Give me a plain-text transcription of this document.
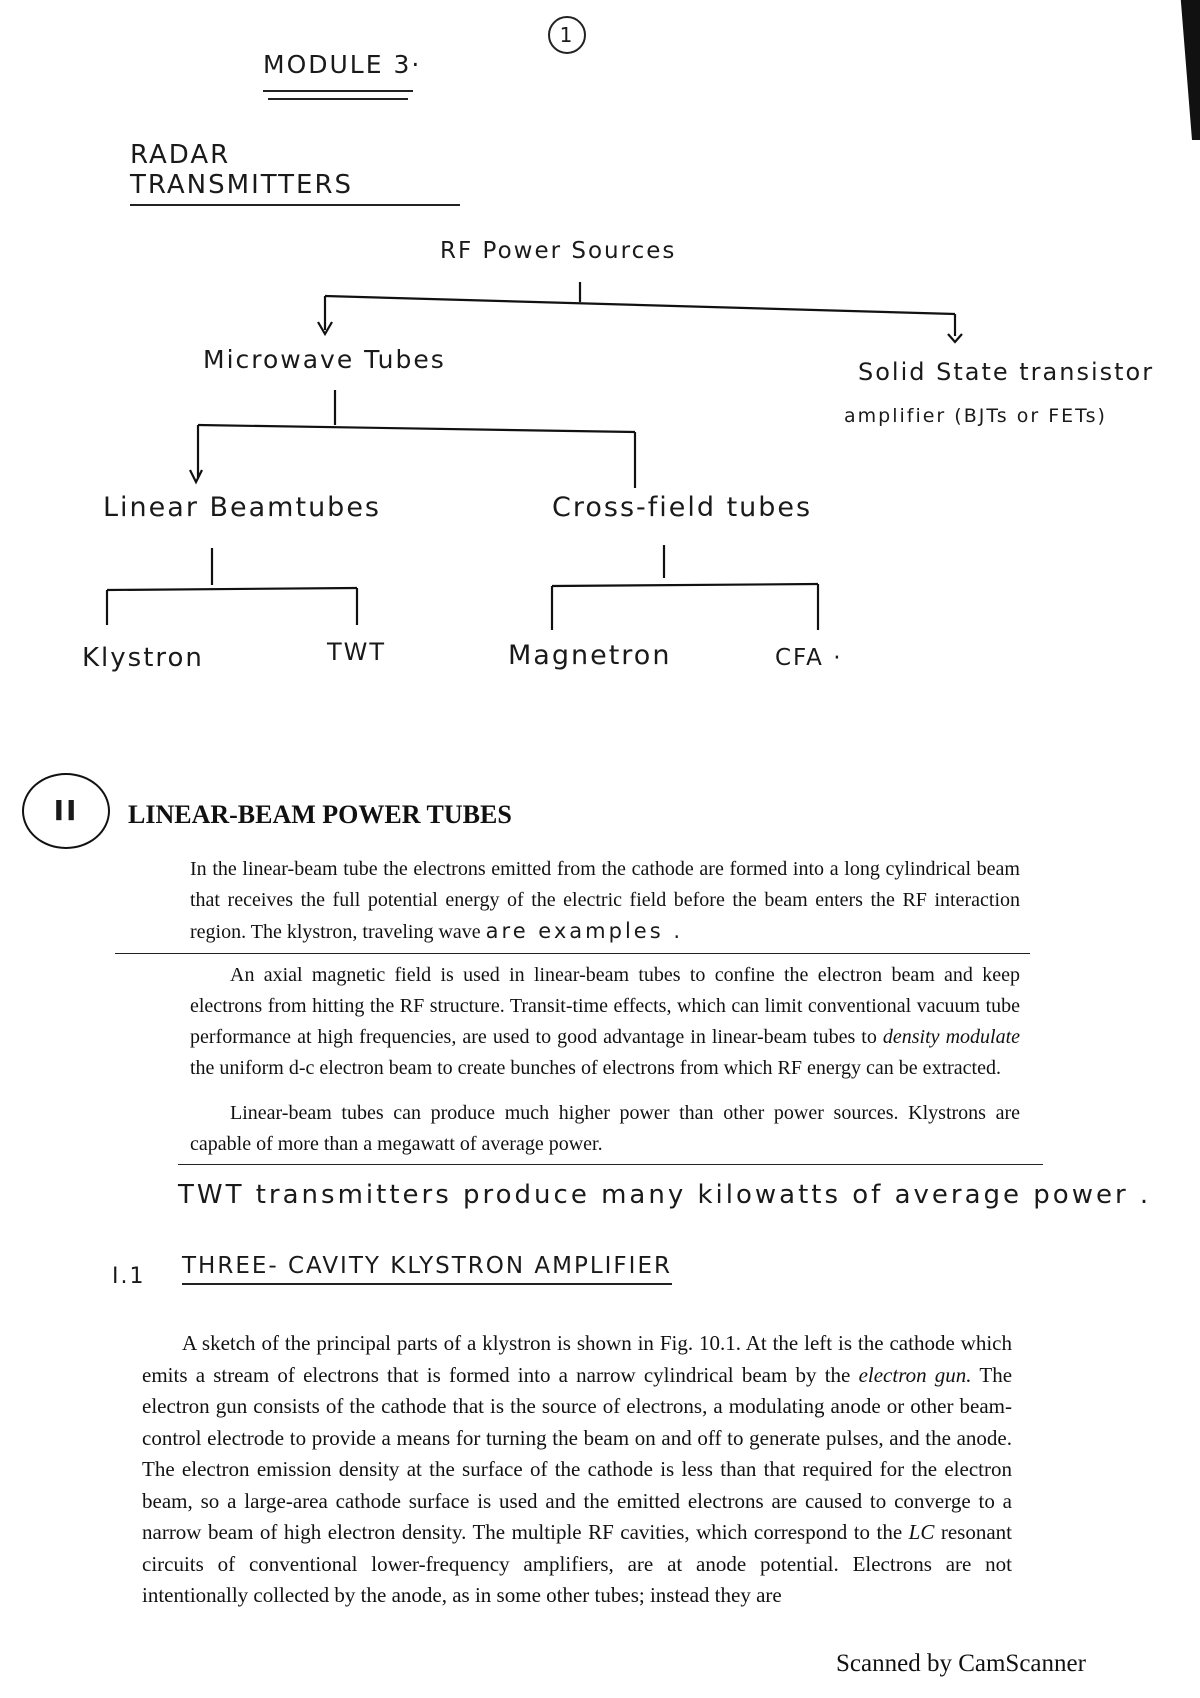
1
MODULE 3·
RADAR TRANSMITTERS
RF Power Sources
Microwave Tubes	Solid State transistor
amplifier (BJTs or FETs)
Linear Beamtubes	Cross-field tubes
Klystron	TWT	Magnetron	CFA ·
II	LINEAR-BEAM POWER TUBES

In the linear-beam tube the electrons emitted from the cathode are formed into a long cylindrical beam that receives the full potential energy of the electric field before the beam enters the RF interaction region. The klystron, traveling wave are examples .

An axial magnetic field is used in linear-beam tubes to confine the electron beam and keep electrons from hitting the RF structure. Transit-time effects, which can limit conventional vacuum tube performance at high frequencies, are used to good advantage in linear-beam tubes to density modulate the uniform d-c electron beam to create bunches of electrons from which RF energy can be extracted.

Linear-beam tubes can produce much higher power than other power sources. Klystrons are capable of more than a megawatt of average power.

TWT transmitters produce many kilowatts of average power .
I.1 THREE- CAVITY KLYSTRON AMPLIFIER

A sketch of the principal parts of a klystron is shown in Fig. 10.1. At the left is the cathode which emits a stream of electrons that is formed into a narrow cylindrical beam by the electron gun. The electron gun consists of the cathode that is the source of electrons, a modulating anode or other beam-control electrode to provide a means for turning the beam on and off to generate pulses, and the anode. The electron emission density at the surface of the cathode is less than that required for the electron beam, so a large-area cathode surface is used and the emitted electrons are caused to converge to a narrow beam of high electron density. The multiple RF cavities, which correspond to the LC resonant circuits of conventional lower-frequency amplifiers, are at anode potential. Electrons are not intentionally collected by the anode, as in some other tubes; instead they are

Scanned by CamScanner
